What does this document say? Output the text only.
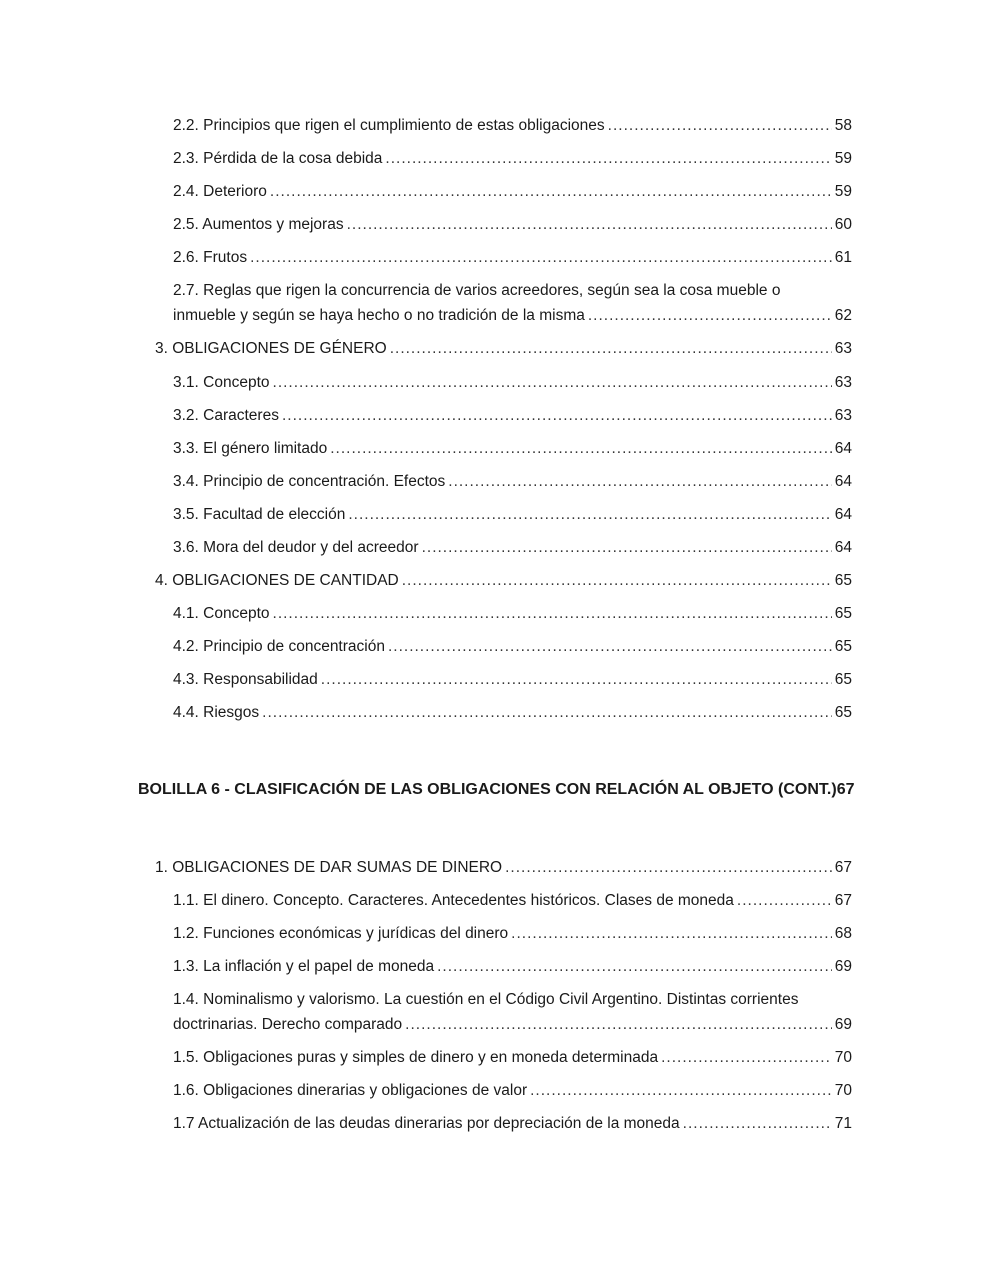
2.2. Principios que rigen el cumplimiento de estas obligaciones .....	58
2.3. Pérdida de la cosa debida .....	59
2.4. Deterioro .....	59
2.5. Aumentos y mejoras .....	60
2.6. Frutos .....	61
2.7. Reglas que rigen la concurrencia de varios acreedores, según sea la cosa mueble o
inmueble y según se haya hecho o no tradición de la misma .....	62
3. OBLIGACIONES DE GÉNERO .....	63
3.1. Concepto .....	63
3.2. Caracteres .....	63
3.3. El género limitado .....	64
3.4. Principio de concentración. Efectos .....	64
3.5. Facultad de elección .....	64
3.6. Mora del deudor y del acreedor .....	64
4. OBLIGACIONES DE CANTIDAD .....	65
4.1. Concepto .....	65
4.2. Principio de concentración .....	65
4.3. Responsabilidad .....	65
4.4. Riesgos .....	65
BOLILLA 6 - CLASIFICACIÓN DE LAS OBLIGACIONES CON RELACIÓN AL OBJETO (CONT.) 67
1. OBLIGACIONES DE DAR SUMAS DE DINERO .....	67
1.1. El dinero. Concepto. Caracteres. Antecedentes históricos. Clases de moneda .....	67
1.2. Funciones económicas y jurídicas del dinero .....	68
1.3. La inflación y el papel de moneda .....	69
1.4. Nominalismo y valorismo. La cuestión en el Código Civil Argentino. Distintas corrientes
doctrinarias. Derecho comparado .....	69
1.5. Obligaciones puras y simples de dinero y en moneda determinada .....	70
1.6. Obligaciones dinerarias y obligaciones de valor .....	70
1.7 Actualización de las deudas dinerarias por depreciación de la moneda .....	71
